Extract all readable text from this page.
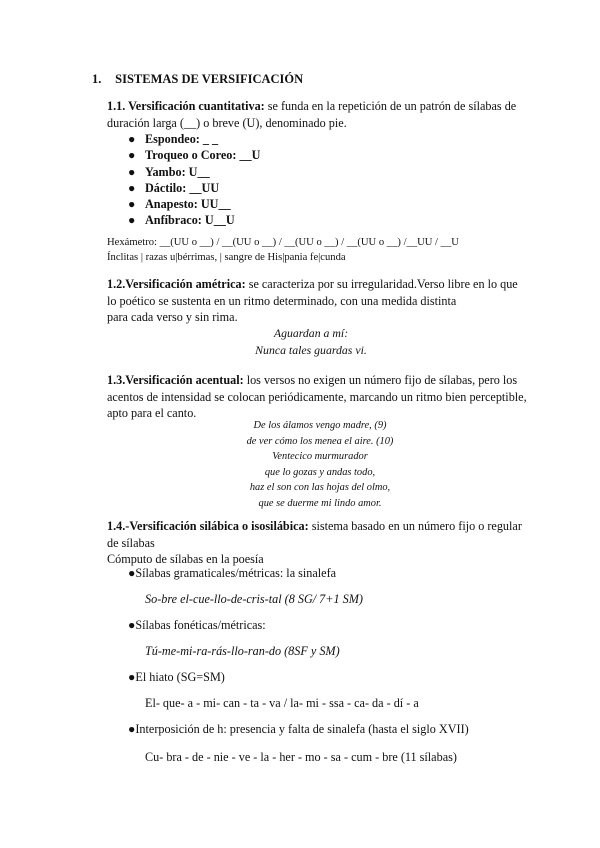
1. SISTEMAS DE VERSIFICACIÓN
1.1. Versificación cuantitativa: se funda en la repetición de un patrón de sílabas de
duración larga (__) o breve (U), denominado pie.
● Espondeo: _ _
● Troqueo o Coreo: __U
● Yambo: U__
● Dáctilo: __UU
● Anapesto: UU__
● Anfíbraco: U__U
Hexámetro: __(UU o __) / __(UU o __) / __(UU o __) / __(UU o __) /__UU / __U
Ínclitas | razas u|bérrimas, | sangre de His|pania fe|cunda
1.2.Versificación amétrica: se caracteriza por su irregularidad.Verso libre en lo que
lo poético se sustenta en un ritmo determinado, con una medida distinta
para cada verso y sin rima.
Aguardan a mí:
Nunca tales guardas vi.
1.3.Versificación acentual: los versos no exigen un número fijo de sílabas, pero los
acentos de intensidad se colocan periódicamente, marcando un ritmo bien perceptible,
apto para el canto.
De los álamos vengo madre, (9)
de ver cómo los menea el aire. (10)
Ventecico murmurador
que lo gozas y andas todo,
haz el son con las hojas del olmo,
que se duerme mi lindo amor.
1.4.-Versificación silábica o isosilábica: sistema basado en un número fijo o regular
de sílabas
Cómputo de sílabas en la poesía
●Sílabas gramaticales/métricas: la sinalefa
So-bre el-cue-llo-de-cris-tal (8 SG/ 7+1 SM)
●Sílabas fonéticas/métricas:
Tú-me-mi-ra-rás-llo-ran-do (8SF y SM)
●El hiato (SG=SM)
El- que- a - mi- can - ta - va / la- mi - ssa - ca- da - dí - a
●Interposición de h: presencia y falta de sinalefa (hasta el siglo XVII)
Cu- bra - de - nie - ve - la - her - mo - sa - cum - bre (11 sílabas)
